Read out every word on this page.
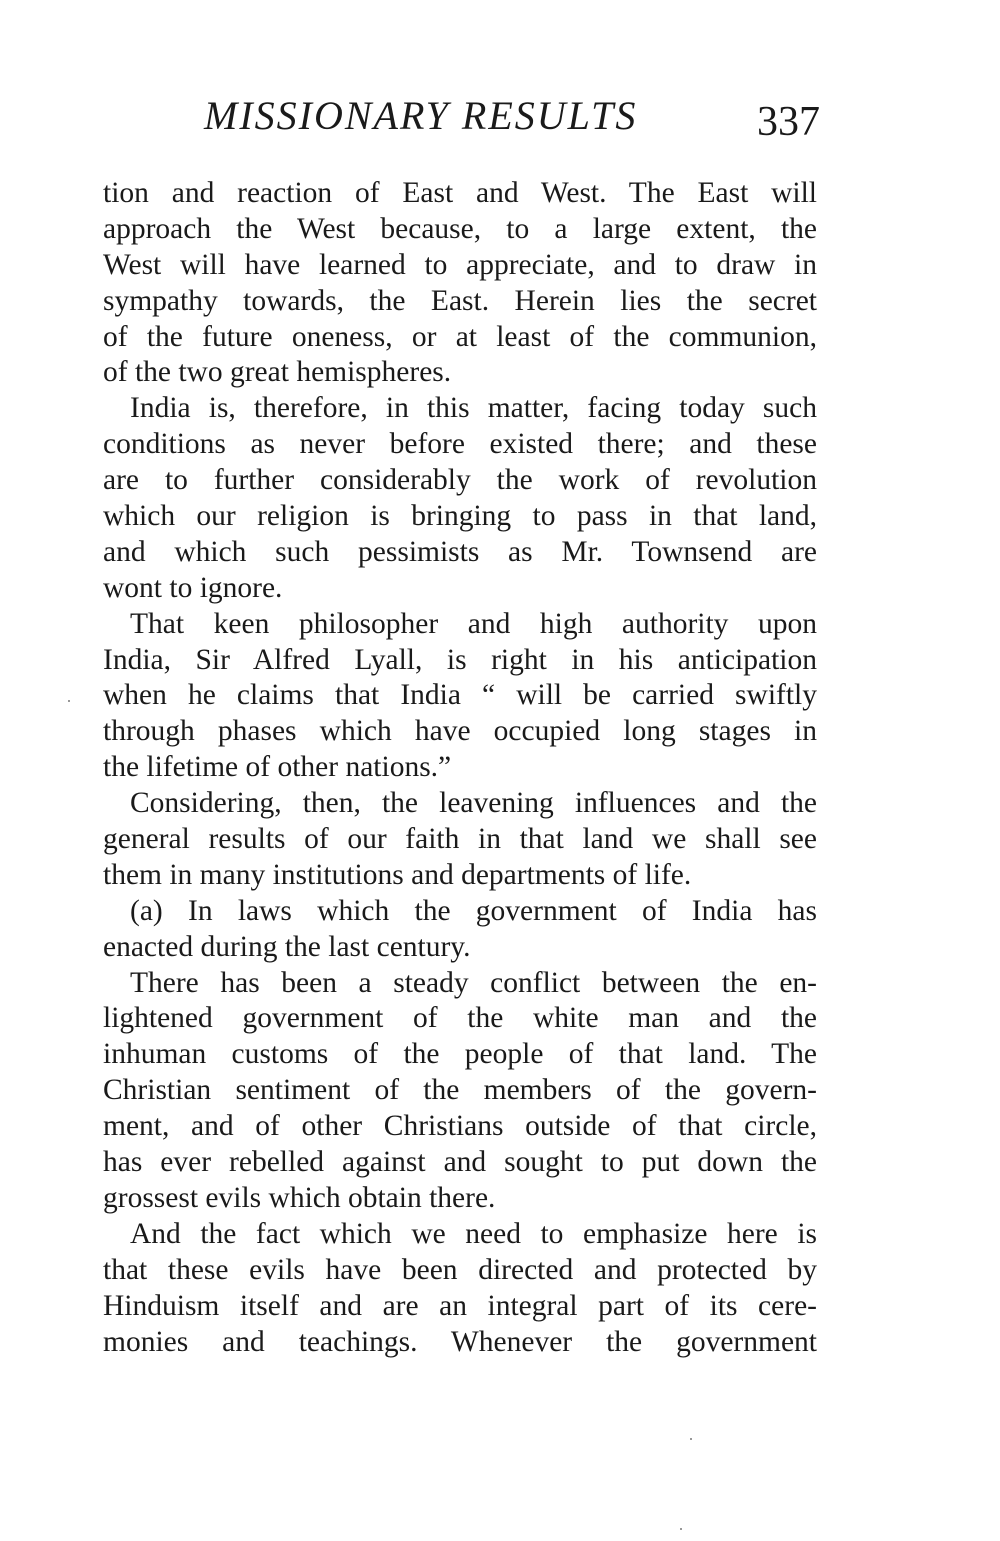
MISSIONARY RESULTS	337
tion and reaction of East and West. The East will
approach the West because, to a large extent, the
West will have learned to appreciate, and to draw in
sympathy towards, the East. Herein lies the secret
of the future oneness, or at least of the communion,
of the two great hemispheres.
India is, therefore, in this matter, facing today such
conditions as never before existed there; and these
are to further considerably the work of revolution
which our religion is bringing to pass in that land,
and which such pessimists as Mr. Townsend are
wont to ignore.
That keen philosopher and high authority upon
India, Sir Alfred Lyall, is right in his anticipation
when he claims that India “ will be carried swiftly
through phases which have occupied long stages in
the lifetime of other nations.”
Considering, then, the leavening influences and the
general results of our faith in that land we shall see
them in many institutions and departments of life.
(a) In laws which the government of India has
enacted during the last century.
There has been a steady conflict between the en-
lightened government of the white man and the
inhuman customs of the people of that land. The
Christian sentiment of the members of the govern-
ment, and of other Christians outside of that circle,
has ever rebelled against and sought to put down the
grossest evils which obtain there.
And the fact which we need to emphasize here is
that these evils have been directed and protected by
Hinduism itself and are an integral part of its cere-
monies and teachings. Whenever the government
